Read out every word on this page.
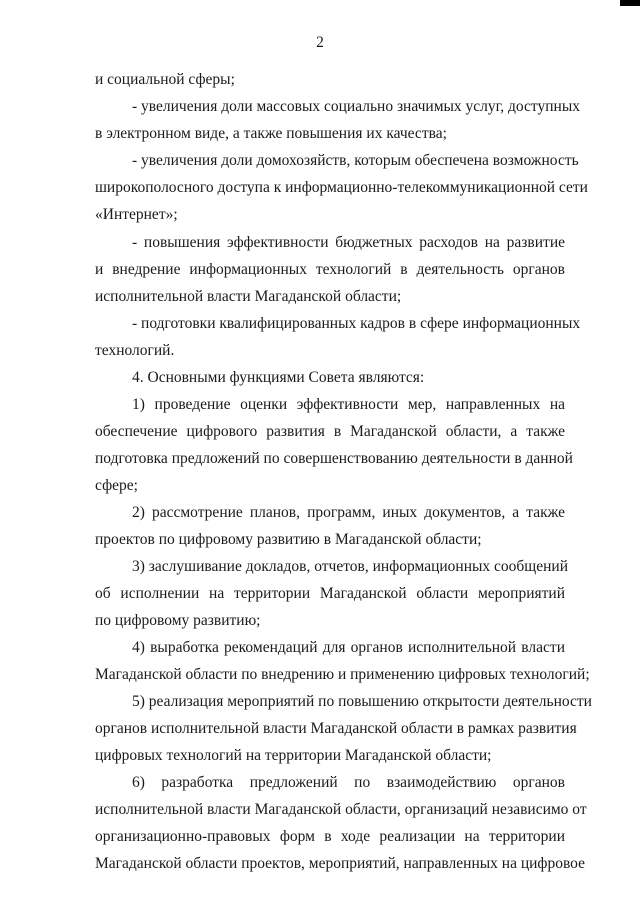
2
и социальной сферы;
- увеличения доли массовых социально значимых услуг, доступных
в электронном виде, а также повышения их качества;
- увеличения доли домохозяйств, которым обеспечена возможность
широкополосного доступа к информационно-телекоммуникационной сети
«Интернет»;
- повышения эффективности бюджетных расходов на развитие
и внедрение информационных технологий в деятельность органов
исполнительной власти Магаданской области;
- подготовки квалифицированных кадров в сфере информационных
технологий.
4. Основными функциями Совета являются:
1) проведение оценки эффективности мер, направленных на
обеспечение цифрового развития в Магаданской области, а также
подготовка предложений по совершенствованию деятельности в данной
сфере;
2) рассмотрение планов, программ, иных документов, а также
проектов по цифровому развитию в Магаданской области;
3) заслушивание докладов, отчетов, информационных сообщений
об исполнении на территории Магаданской области мероприятий
по цифровому развитию;
4) выработка рекомендаций для органов исполнительной власти
Магаданской области по внедрению и применению цифровых технологий;
5) реализация мероприятий по повышению открытости деятельности
органов исполнительной власти Магаданской области в рамках развития
цифровых технологий на территории Магаданской области;
6) разработка предложений по взаимодействию органов
исполнительной власти Магаданской области, организаций независимо от
организационно-правовых форм в ходе реализации на территории
Магаданской области проектов, мероприятий, направленных на цифровое
